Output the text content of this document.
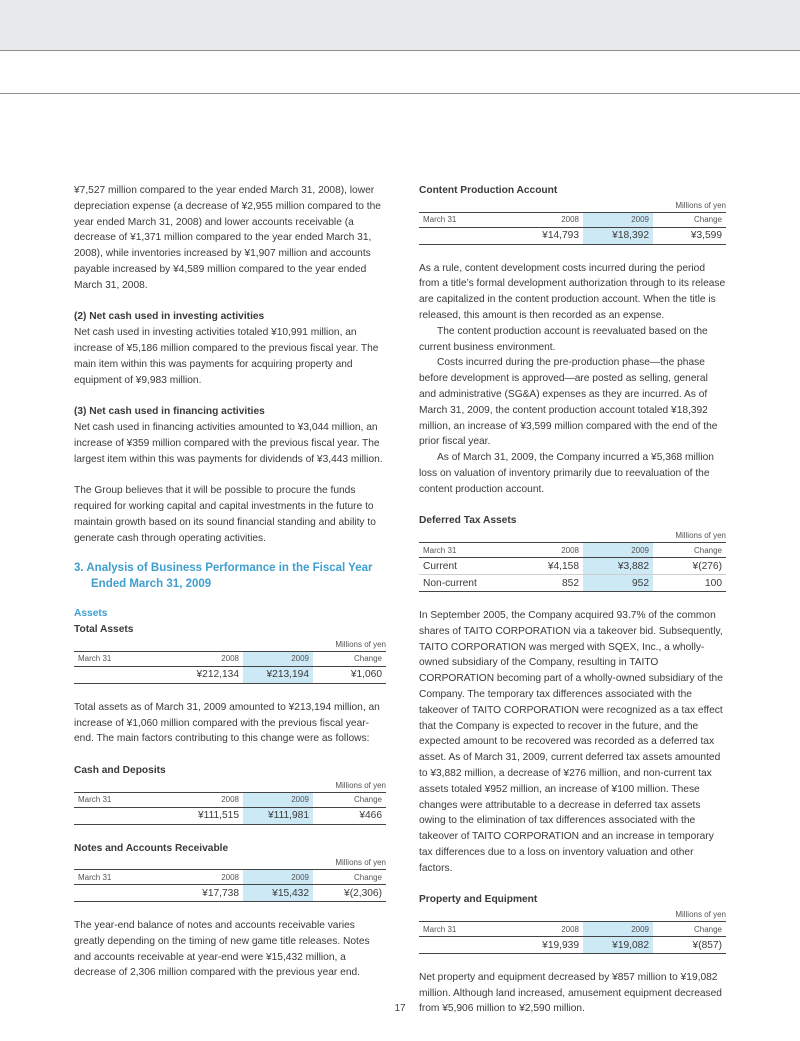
¥7,527 million compared to the year ended March 31, 2008), lower depreciation expense (a decrease of ¥2,955 million compared to the year ended March 31, 2008) and lower accounts receivable (a decrease of ¥1,371 million compared to the year ended March 31, 2008), while inventories increased by ¥1,907 million and accounts payable increased by ¥4,589 million compared to the year ended March 31, 2008.

(2) Net cash used in investing activities

Net cash used in investing activities totaled ¥10,991 million, an increase of ¥5,186 million compared to the previous fiscal year. The main item within this was payments for acquiring property and equipment of ¥9,983 million.

(3) Net cash used in financing activities

Net cash used in financing activities amounted to ¥3,044 million, an increase of ¥359 million compared with the previous fiscal year. The largest item within this was payments for dividends of ¥3,443 million.

The Group believes that it will be possible to procure the funds required for working capital and capital investments in the future to maintain growth based on its sound financial standing and ability to generate cash through operating activities.

3. Analysis of Business Performance in the Fiscal Year Ended March 31, 2009

Assets

Total Assets

Millions of yen
March 31	2008	2009	Change
	¥212,134	¥213,194	¥1,060

Total assets as of March 31, 2009 amounted to ¥213,194 million, an increase of ¥1,060 million compared with the previous fiscal year-end. The main factors contributing to this change were as follows:

Cash and Deposits

Millions of yen
March 31	2008	2009	Change
	¥111,515	¥111,981	¥466

Notes and Accounts Receivable

Millions of yen
March 31	2008	2009	Change
	¥17,738	¥15,432	¥(2,306)

The year-end balance of notes and accounts receivable varies greatly depending on the timing of new game title releases. Notes and accounts receivable at year-end were ¥15,432 million, a decrease of 2,306 million compared with the previous year end.

Content Production Account

Millions of yen
March 31	2008	2009	Change
	¥14,793	¥18,392	¥3,599

As a rule, content development costs incurred during the period from a title’s formal development authorization through to its release are capitalized in the content production account. When the title is released, this amount is then recorded as an expense.

The content production account is reevaluated based on the current business environment.

Costs incurred during the pre-production phase—the phase before development is approved—are posted as selling, general and administrative (SG&A) expenses as they are incurred. As of March 31, 2009, the content production account totaled ¥18,392 million, an increase of ¥3,599 million compared with the end of the prior fiscal year.

As of March 31, 2009, the Company incurred a ¥5,368 million loss on valuation of inventory primarily due to reevaluation of the content production account.

Deferred Tax Assets

Millions of yen
March 31	2008	2009	Change
Current	¥4,158	¥3,882	¥(276)
Non-current	852	952	100

In September 2005, the Company acquired 93.7% of the common shares of TAITO CORPORATION via a takeover bid. Subsequently, TAITO CORPORATION was merged with SQEX, Inc., a wholly-owned subsidiary of the Company, resulting in TAITO CORPORATION becoming part of a wholly-owned subsidiary of the Company. The temporary tax differences associated with the takeover of TAITO CORPORATION were recognized as a tax effect that the Company is expected to recover in the future, and the expected amount to be recovered was recorded as a deferred tax asset. As of March 31, 2009, current deferred tax assets amounted to ¥3,882 million, a decrease of ¥276 million, and non-current tax assets totaled ¥952 million, an increase of ¥100 million. These changes were attributable to a decrease in deferred tax assets owing to the elimination of tax differences associated with the takeover of TAITO CORPORATION and an increase in temporary tax differences due to a loss on inventory valuation and other factors.

Property and Equipment

Millions of yen
March 31	2008	2009	Change
	¥19,939	¥19,082	¥(857)

Net property and equipment decreased by ¥857 million to ¥19,082 million. Although land increased, amusement equipment decreased from ¥5,906 million to ¥2,590 million.

17
